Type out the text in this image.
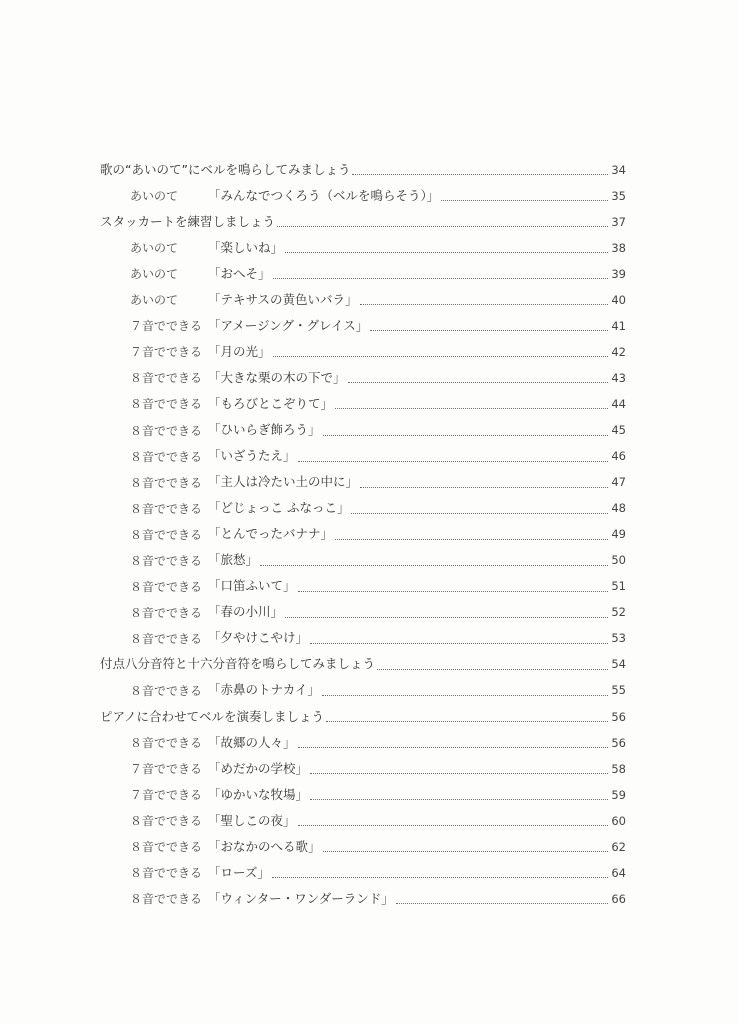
歌の“あいのて”にベルを鳴らしてみましょう	34
あいのて	「みんなでつくろう（ベルを鳴らそう）」	35
スタッカートを練習しましょう	37
あいのて	「楽しいね」	38
あいのて	「おへそ」	39
あいのて	「テキサスの黄色いバラ」	40
７音でできる 「アメージング・グレイス」	41
７音でできる 「月の光」	42
８音でできる 「大きな栗の木の下で」	43
８音でできる 「もろびとこぞりて」	44
８音でできる 「ひいらぎ飾ろう」	45
８音でできる 「いざうたえ」	46
８音でできる 「主人は冷たい土の中に」	47
８音でできる 「どじょっこ ふなっこ」	48
８音でできる 「とんでったバナナ」	49
８音でできる 「旅愁」	50
８音でできる 「口笛ふいて」	51
８音でできる 「春の小川」	52
８音でできる 「夕やけこやけ」	53
付点八分音符と十六分音符を鳴らしてみましょう	54
８音でできる 「赤鼻のトナカイ」	55
ピアノに合わせてベルを演奏しましょう	56
８音でできる 「故郷の人々」	56
７音でできる 「めだかの学校」	58
７音でできる 「ゆかいな牧場」	59
８音でできる 「聖しこの夜」	60
８音でできる 「おなかのへる歌」	62
８音でできる 「ローズ」	64
８音でできる 「ウィンター・ワンダーランド」	66
